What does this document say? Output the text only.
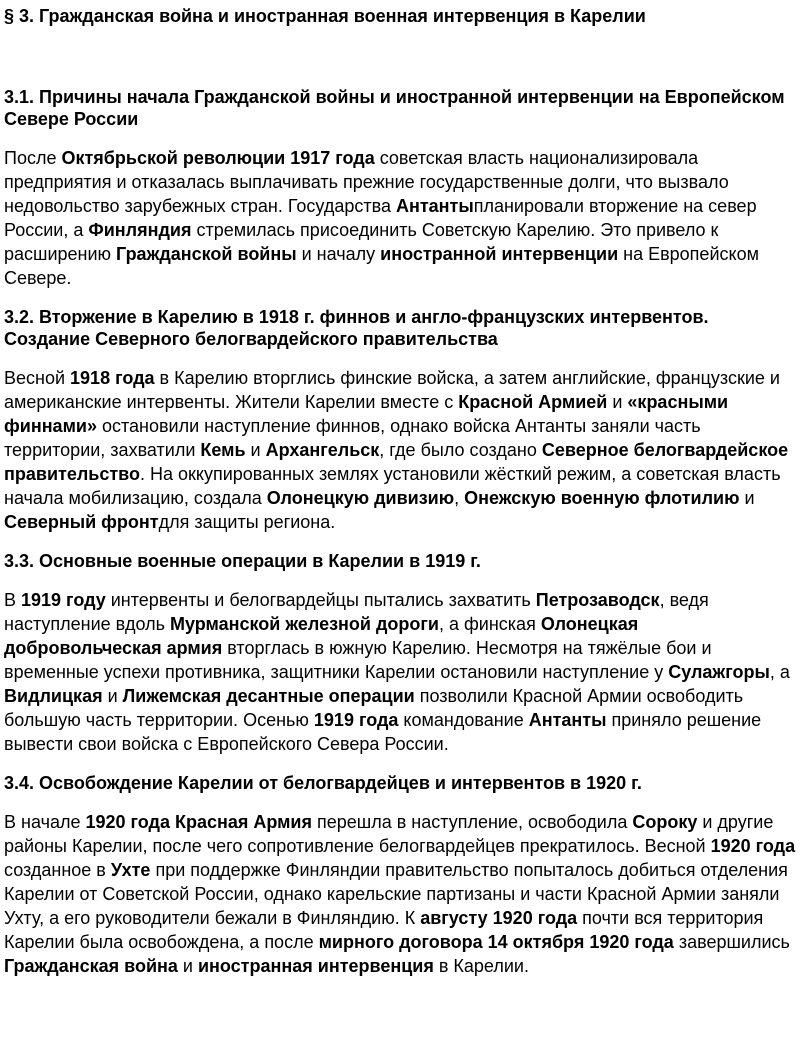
§ 3. Гражданская война и иностранная военная интервенция в Карелии
3.1. Причины начала Гражданской войны и иностранной интервенции на Европейском Севере России

После Октябрьской революции 1917 года советская власть национализировала предприятия и отказалась выплачивать прежние государственные долги, что вызвало недовольство зарубежных стран. Государства Антантыпланировали вторжение на север России, а Финляндия стремилась присоединить Советскую Карелию. Это привело к расширению Гражданской войны и началу иностранной интервенции на Европейском Севере.

3.2. Вторжение в Карелию в 1918 г. финнов и англо-французских интервентов. Создание Северного белогвардейского правительства

Весной 1918 года в Карелию вторглись финские войска, а затем английские, французские и американские интервенты. Жители Карелии вместе с Красной Армией и «красными финнами» остановили наступление финнов, однако войска Антанты заняли часть территории, захватили Кемь и Архангельск, где было создано Северное белогвардейское правительство. На оккупированных землях установили жёсткий режим, а советская власть начала мобилизацию, создала Олонецкую дивизию, Онежскую военную флотилию и Северный фронтдля защиты региона.

3.3. Основные военные операции в Карелии в 1919 г.

В 1919 году интервенты и белогвардейцы пытались захватить Петрозаводск, ведя наступление вдоль Мурманской железной дороги, а финская Олонецкая добровольческая армия вторглась в южную Карелию. Несмотря на тяжёлые бои и временные успехи противника, защитники Карелии остановили наступление у Сулажгоры, а Видлицкая и Лижемская десантные операции позволили Красной Армии освободить большую часть территории. Осенью 1919 года командование Антанты приняло решение вывести свои войска с Европейского Севера России.

3.4. Освобождение Карелии от белогвардейцев и интервентов в 1920 г.

В начале 1920 года Красная Армия перешла в наступление, освободила Сороку и другие районы Карелии, после чего сопротивление белогвардейцев прекратилось. Весной 1920 года созданное в Ухте при поддержке Финляндии правительство попыталось добиться отделения Карелии от Советской России, однако карельские партизаны и части Красной Армии заняли Ухту, а его руководители бежали в Финляндию. К августу 1920 года почти вся территория Карелии была освобождена, а после мирного договора 14 октября 1920 года завершились Гражданская война и иностранная интервенция в Карелии.
